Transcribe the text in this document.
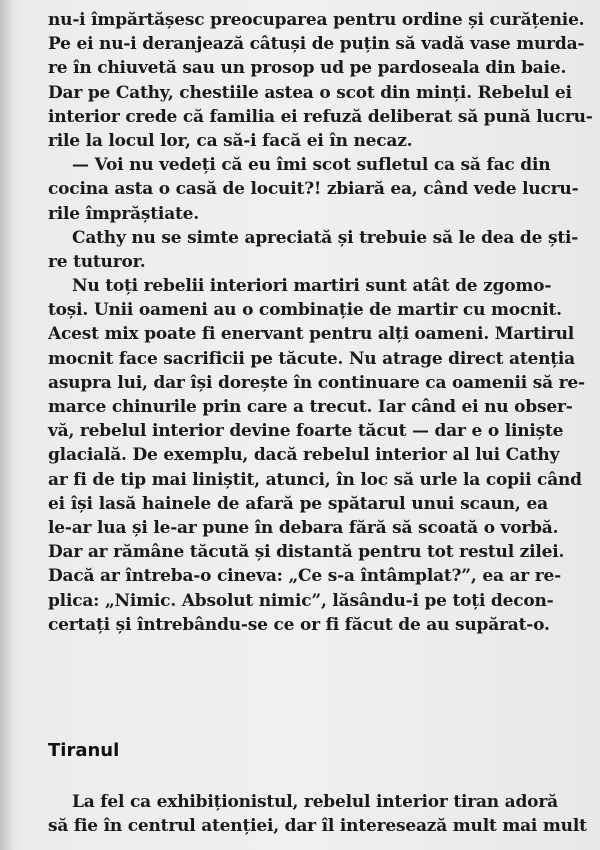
nu-i împărtășesc preocuparea pentru ordine și curățenie.
Pe ei nu-i deranjează câtuși de puțin să vadă vase murda-
re în chiuvetă sau un prosop ud pe pardoseala din baie.
Dar pe Cathy, chestiile astea o scot din minți. Rebelul ei
interior crede că familia ei refuză deliberat să pună lucru-
rile la locul lor, ca să-i facă ei în necaz.
— Voi nu vedeți că eu îmi scot sufletul ca să fac din
cocina asta o casă de locuit?! zbiară ea, când vede lucru-
rile împrăștiate.
Cathy nu se simte apreciată și trebuie să le dea de ști-
re tuturor.
Nu toți rebelii interiori martiri sunt atât de zgomo-
toși. Unii oameni au o combinație de martir cu mocnit.
Acest mix poate fi enervant pentru alți oameni. Martirul
mocnit face sacrificii pe tăcute. Nu atrage direct atenția
asupra lui, dar își dorește în continuare ca oamenii să re-
marce chinurile prin care a trecut. Iar când ei nu obser-
vă, rebelul interior devine foarte tăcut — dar e o liniște
glacială. De exemplu, dacă rebelul interior al lui Cathy
ar fi de tip mai liniștit, atunci, în loc să urle la copii când
ei își lasă hainele de afară pe spătarul unui scaun, ea
le-ar lua și le-ar pune în debara fără să scoată o vorbă.
Dar ar rămâne tăcută și distantă pentru tot restul zilei.
Dacă ar întreba-o cineva: „Ce s-a întâmplat?”, ea ar re-
plica: „Nimic. Absolut nimic”, lăsându-i pe toți decon-
certați și întrebându-se ce or fi făcut de au supărat-o.
Tiranul
La fel ca exhibiționistul, rebelul interior tiran adoră
să fie în centrul atenției, dar îl interesează mult mai mult
